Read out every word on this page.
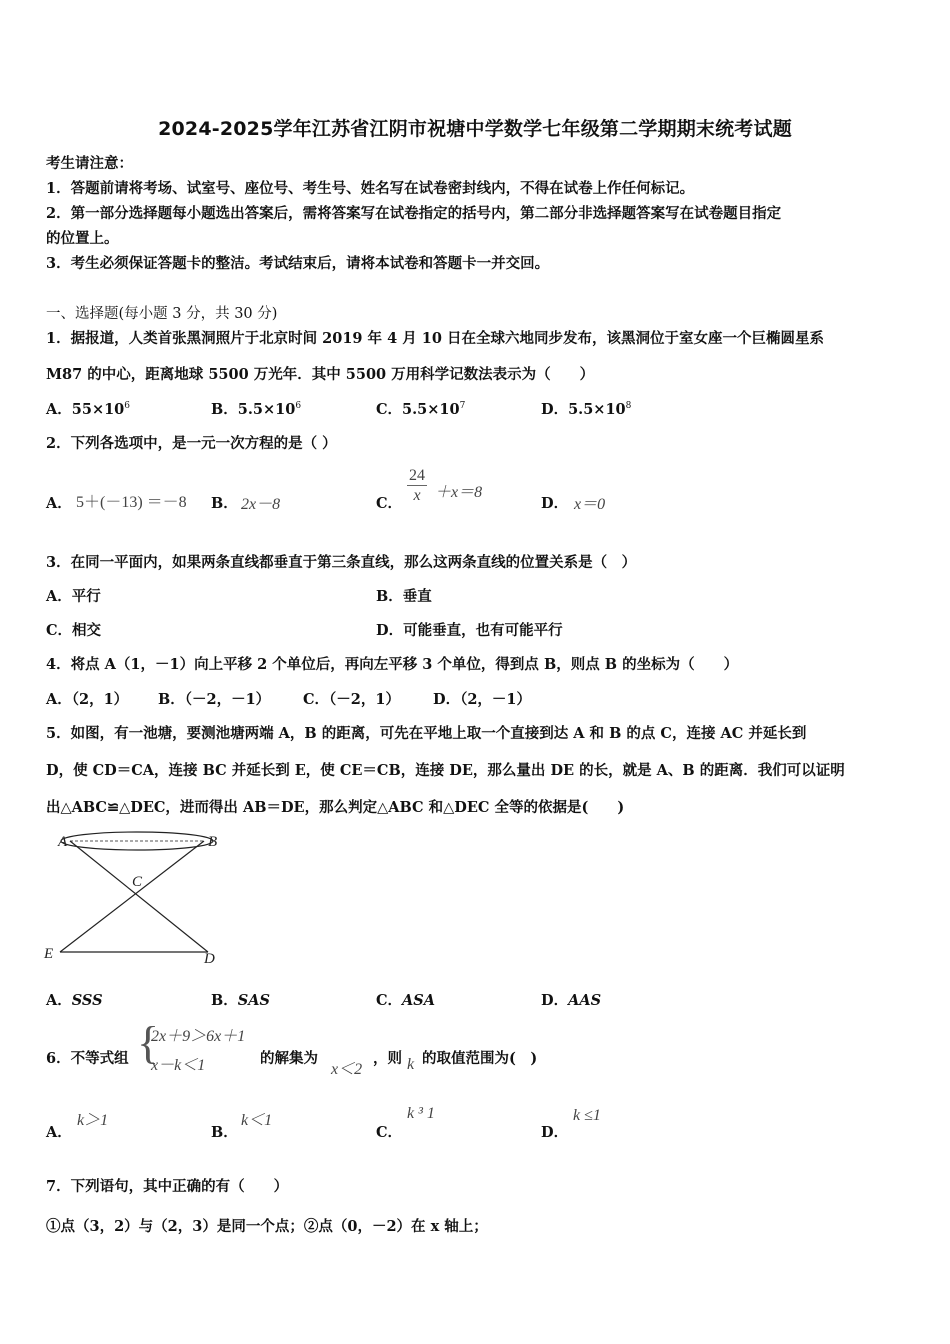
2024-2025学年江苏省江阴市祝塘中学数学七年级第二学期期末统考试题
考生请注意：
1．答题前请将考场、试室号、座位号、考生号、姓名写在试卷密封线内，不得在试卷上作任何标记。
2．第一部分选择题每小题选出答案后，需将答案写在试卷指定的括号内，第二部分非选择题答案写在试卷题目指定
的位置上。
3．考生必须保证答题卡的整洁。考试结束后，请将本试卷和答题卡一并交回。
一、选择题(每小题 3 分，共 30 分)
1．据报道，人类首张黑洞照片于北京时间 2019 年 4 月 10 日在全球六地同步发布，该黑洞位于室女座一个巨椭圆星系
M87 的中心，距离地球 5500 万光年．其中 5500 万用科学记数法表示为（　　）
A．$55\times 10^6$	B．$5.5\times 10^6$	C．$5.5\times 10^7$	D．$5.5\times 10^8$
2．下列各选项中，是一元一次方程的是（ ）
A． 5＋(－13) ＝－8 B． 2x－8	C． $\frac{24}{x} +x=8$
D． x＝0
3．在同一平面内，如果两条直线都垂直于第三条直线，那么这两条直线的位置关系是（　）
A．平行	B．垂直
C．相交	D．可能垂直，也有可能平行
4．将点 A（1，－1）向上平移 2 个单位后，再向左平移 3 个单位，得到点 B，则点 B 的坐标为（　　）
A．（2，1） B．（－2，－1） C．（－2，1） D．（2，－1）
5．如图，有一池塘，要测池塘两端 A，B 的距离，可先在平地上取一个直接到达 A 和 B 的点 C，连接 AC 并延长到
D，使 CD＝CA，连接 BC 并延长到 E，使 CE＝CB，连接 DE，那么量出 DE 的长，就是 A、B 的距离．我们可以证明
出△ABC≌△DEC，进而得出 AB＝DE，那么判定△ABC 和△DEC 全等的依据是(　　)
A	B
C
D
E
A．SSS	B．SAS	C．ASA	D．AAS
6．不等式组 {
2x＋9＞6x＋1
x－k＜1	的解集为
x＜2
，则 k 的取值范围为(　)
A．
k＞1
B．
k＜1
C．
k ³ 1
D．
k ≤1
7．下列语句，其中正确的有（　　）
①点（3，2）与（2，3）是同一个点；②点（0，－2）在 x 轴上；
